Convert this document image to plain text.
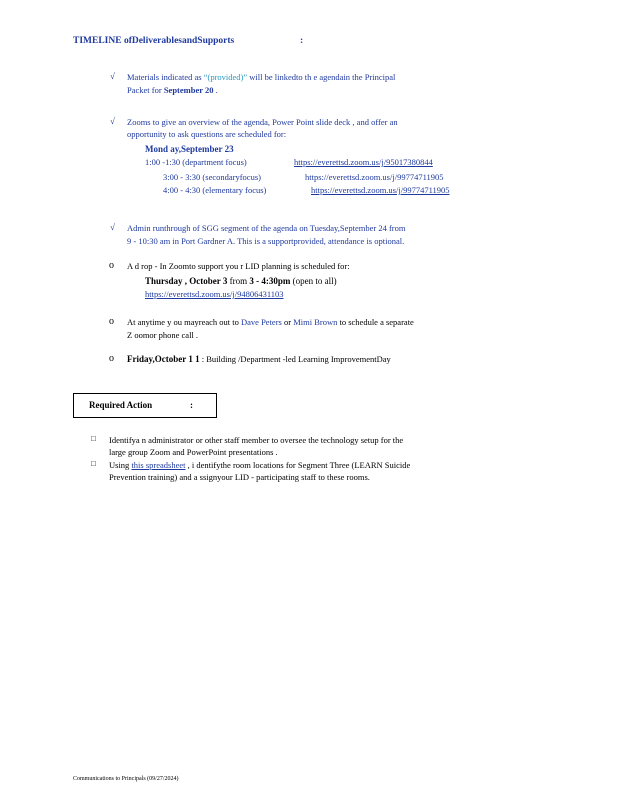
TIMELINE ofDeliverablesandSupports	:
√ Materials indicated as “(provided)” will be linkedto th e agendain the Principal
Packet for September 20 .
√ Zooms to give an overview of the agenda, Power Point slide deck , and offer an
opportunity to ask questions are scheduled for:
Mond ay,September 23
1:00 -1:30 (department focus)	https://everettsd.zoom.us/j/95017380844
3:00 - 3:30 (secondaryfocus)	https://everettsd.zoom.us/j/99774711905
4:00 - 4:30 (elementary focus)	https://everettsd.zoom.us/j/99774711905
√ Admin runthrough of SGG segment of the agenda on Tuesday,September 24 from
9 - 10:30 am in Port Gardner A. This is a supportprovided, attendance is optional.
o A d rop - In Zoomto support you r LID planning is scheduled for:
Thursday , October 3 from 3 - 4:30pm (open to all)
https://everettsd.zoom.us/j/94806431103
o At anytime y ou mayreach out to Dave Peters or Mimi Brown to schedule a separate
Z oomor phone call .
o Friday,October 1 1 : Building /Department -led Learning ImprovementDay
Required Action	:
□ Identifya n administrator or other staff member to oversee the technology setup for the
large group Zoom and PowerPoint presentations .
□ Using this spreadsheet , i dentifythe room locations for Segment Three (LEARN Suicide
Prevention training) and a ssignyour LID - participating staff to these rooms.
Communications to Principals (09/27/2024)
